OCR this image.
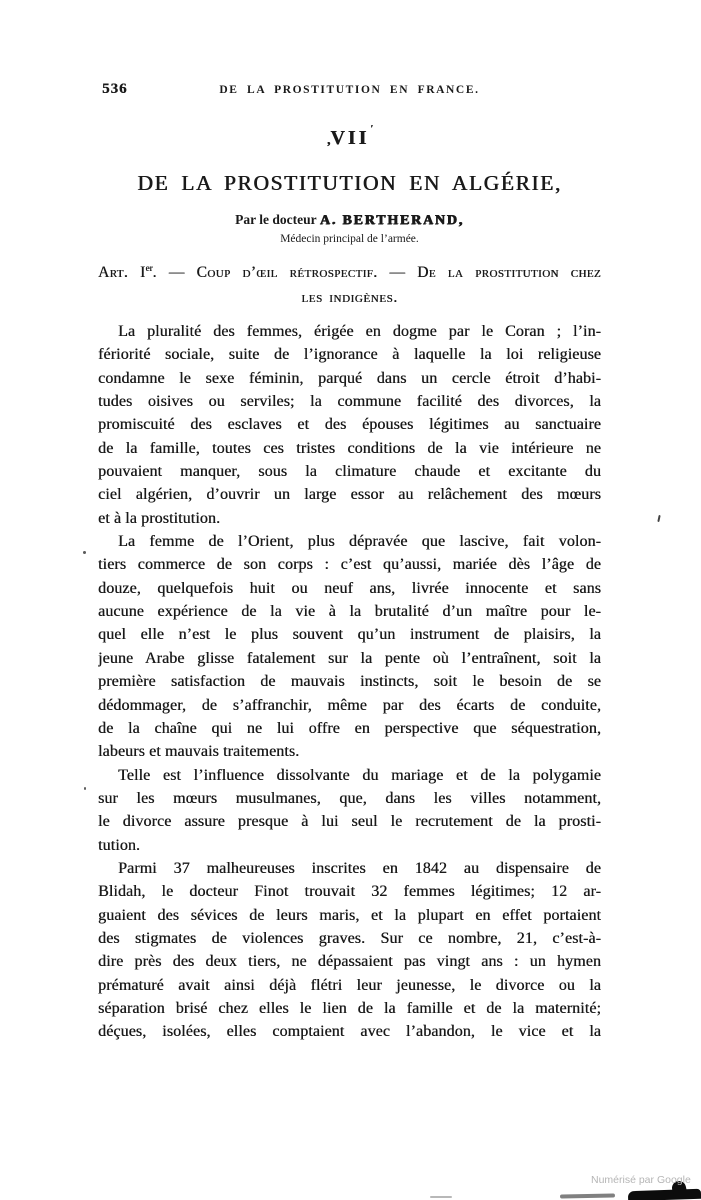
536	DE LA PROSTITUTION EN FRANCE.
$,VII^ʹ$
DE LA PROSTITUTION EN ALGÉRIE,
Par le docteur A. BERTHERAND,
Médecin principal de l’armée.
Art. Ier. — Coup d’œil rétrospectif. — De la prostitution chez
les indigènes.
La pluralité des femmes, érigée en dogme par le Coran ; l’in-
fériorité sociale, suite de l’ignorance à laquelle la loi religieuse
condamne le sexe féminin, parqué dans un cercle étroit d’habi-
tudes oisives ou serviles; la commune facilité des divorces, la
promiscuité des esclaves et des épouses légitimes au sanctuaire
de la famille, toutes ces tristes conditions de la vie intérieure ne
pouvaient manquer, sous la climature chaude et excitante du
ciel algérien, d’ouvrir un large essor au relâchement des mœurs
et à la prostitution.
La femme de l’Orient, plus dépravée que lascive, fait volon-
tiers commerce de son corps : c’est qu’aussi, mariée dès l’âge de
douze, quelquefois huit ou neuf ans, livrée innocente et sans
aucune expérience de la vie à la brutalité d’un maître pour le-
quel elle n’est le plus souvent qu’un instrument de plaisirs, la
jeune Arabe glisse fatalement sur la pente où l’entraînent, soit la
première satisfaction de mauvais instincts, soit le besoin de se
dédommager, de s’affranchir, même par des écarts de conduite,
de la chaîne qui ne lui offre en perspective que séquestration,
labeurs et mauvais traitements.
Telle est l’influence dissolvante du mariage et de la polygamie
sur les mœurs musulmanes, que, dans les villes notamment,
le divorce assure presque à lui seul le recrutement de la prosti-
tution.
Parmi 37 malheureuses inscrites en 1842 au dispensaire de
Blidah, le docteur Finot trouvait 32 femmes légitimes; 12 ar-
guaient des sévices de leurs maris, et la plupart en effet portaient
des stigmates de violences graves. Sur ce nombre, 21, c’est-à-
dire près des deux tiers, ne dépassaient pas vingt ans : un hymen
prématuré avait ainsi déjà flétri leur jeunesse, le divorce ou la
séparation brisé chez elles le lien de la famille et de la maternité;
déçues, isolées, elles comptaient avec l’abandon, le vice et la
Numérisé par Google
